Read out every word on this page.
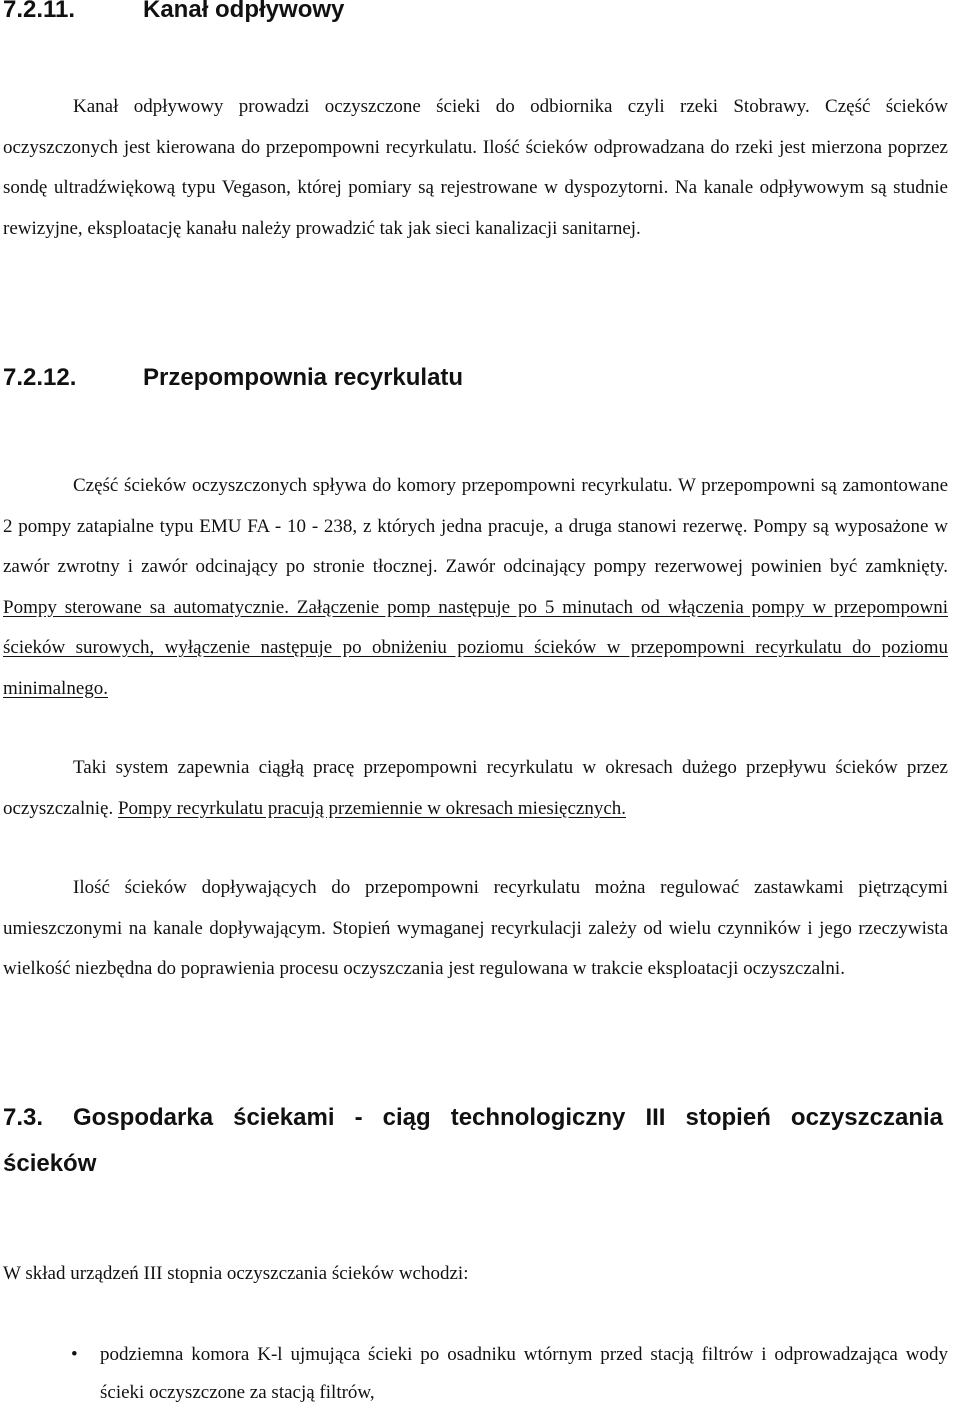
7.2.11.	Kanał odpływowy

Kanał odpływowy prowadzi oczyszczone ścieki do odbiornika czyli rzeki Stobrawy. Część ścieków oczyszczonych jest kierowana do przepompowni recyrkulatu. Ilość ścieków odprowadzana do rzeki jest mierzona poprzez sondę ultradźwiękową typu Vegason, której pomiary są rejestrowane w dyspozytorni. Na kanale odpływowym są studnie rewizyjne, eksploatację kanału należy prowadzić tak jak sieci kanalizacji sanitarnej.

7.2.12.	Przepompownia recyrkulatu

Część ścieków oczyszczonych spływa do komory przepompowni recyrkulatu. W przepompowni są zamontowane 2 pompy zatapialne typu EMU FA - 10 - 238, z których jedna pracuje, a druga stanowi rezerwę. Pompy są wyposażone w zawór zwrotny i zawór odcinający po stronie tłocznej. Zawór odcinający pompy rezerwowej powinien być zamknięty. Pompy sterowane sa automatycznie. Załączenie pomp następuje po 5 minutach od włączenia pompy w przepompowni ścieków surowych, wyłączenie następuje po obniżeniu poziomu ścieków w przepompowni recyrkulatu do poziomu minimalnego.

Taki system zapewnia ciągłą pracę przepompowni recyrkulatu w okresach dużego przepływu ścieków przez oczyszczalnię. Pompy recyrkulatu pracują przemiennie w okresach miesięcznych.

Ilość ścieków dopływających do przepompowni recyrkulatu można regulować zastawkami piętrzącymi umieszczonymi na kanale dopływającym. Stopień wymaganej recyrkulacji zależy od wielu czynników i jego rzeczywista wielkość niezbędna do poprawienia procesu oczyszczania jest regulowana w trakcie eksploatacji oczyszczalni.

7.3. Gospodarka ściekami - ciąg technologiczny III stopień oczyszczania ścieków

W skład urządzeń III stopnia oczyszczania ścieków wchodzi:

• podziemna komora K-l ujmująca ścieki po osadniku wtórnym przed stacją filtrów i odprowadzająca wody ścieki oczyszczone za stacją filtrów,
